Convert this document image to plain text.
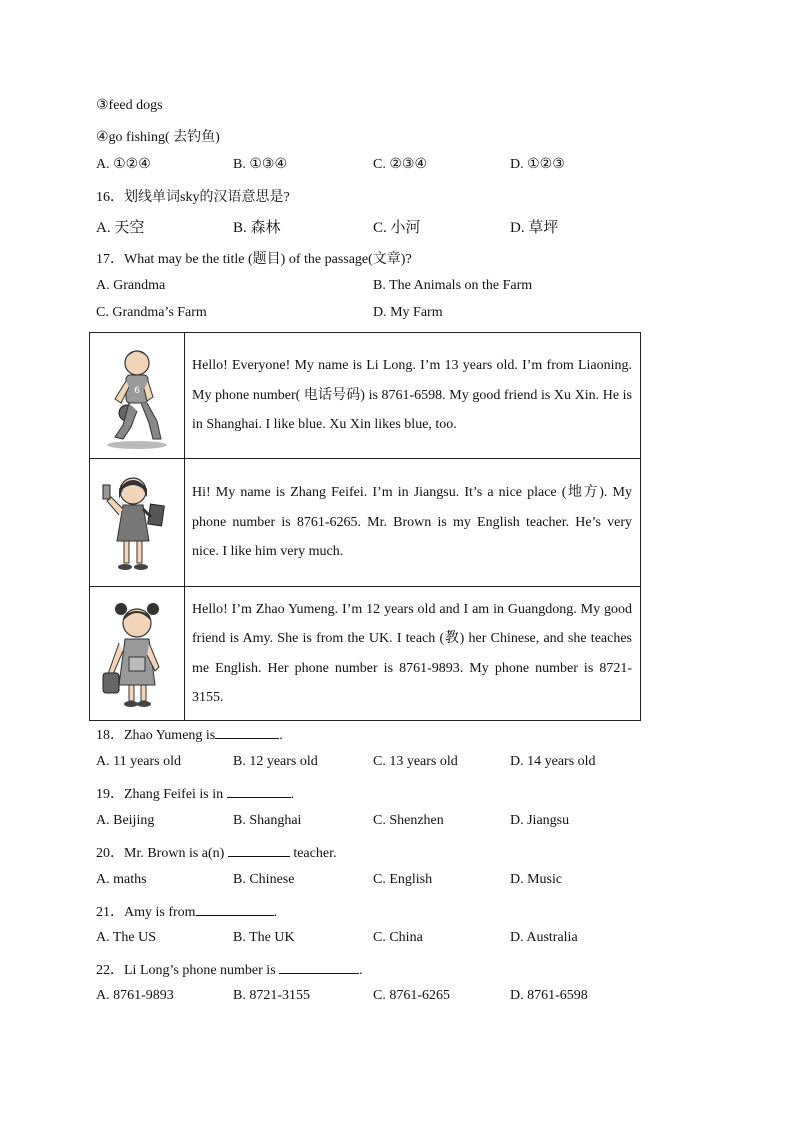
③feed dogs
④go fishing( 去钓鱼)
A. ①②④	B. ①③④	C. ②③④	D. ①②③
16．划线单词sky的汉语意思是?
A. 天空	B. 森林	C. 小河	D. 草坪
17．What may be the title (题目) of the passage(文章)?
A. Grandma	B. The Animals on the Farm
C. Grandma’s Farm	D. My Farm
6	Hello! Everyone! My name is Li Long. I’m 13 years old. I’m from Liaoning. My phone number( 电话号码) is 8761-6598. My good friend is Xu Xin. He is in Shanghai. I like blue. Xu Xin likes blue, too.

	Hi! My name is Zhang Feifei. I’m in Jiangsu. It’s a nice place (地方). My phone number is 8761-6265. Mr. Brown is my English teacher. He’s very nice. I like him very much.

	Hello! I’m Zhao Yumeng. I’m 12 years old and I am in Guangdong. My good friend is Amy. She is from the UK. I teach (教) her Chinese, and she teaches me English. Her phone number is 8761-9893. My phone number is 8721-3155.
18．Zhao Yumeng is	.
A. 11 years old	B. 12 years old	C. 13 years old	D. 14 years old
19．Zhang Feifei is in	.
A. Beijing	B. Shanghai	C. Shenzhen	D. Jiangsu
20．Mr. Brown is a(n)	teacher.
A. maths	B. Chinese	C. English	D. Music
21．Amy is from	.
A. The US	B. The UK	C. China	D. Australia
22．Li Long’s phone number is	.
A. 8761-9893	B. 8721-3155	C. 8761-6265	D. 8761-6598
